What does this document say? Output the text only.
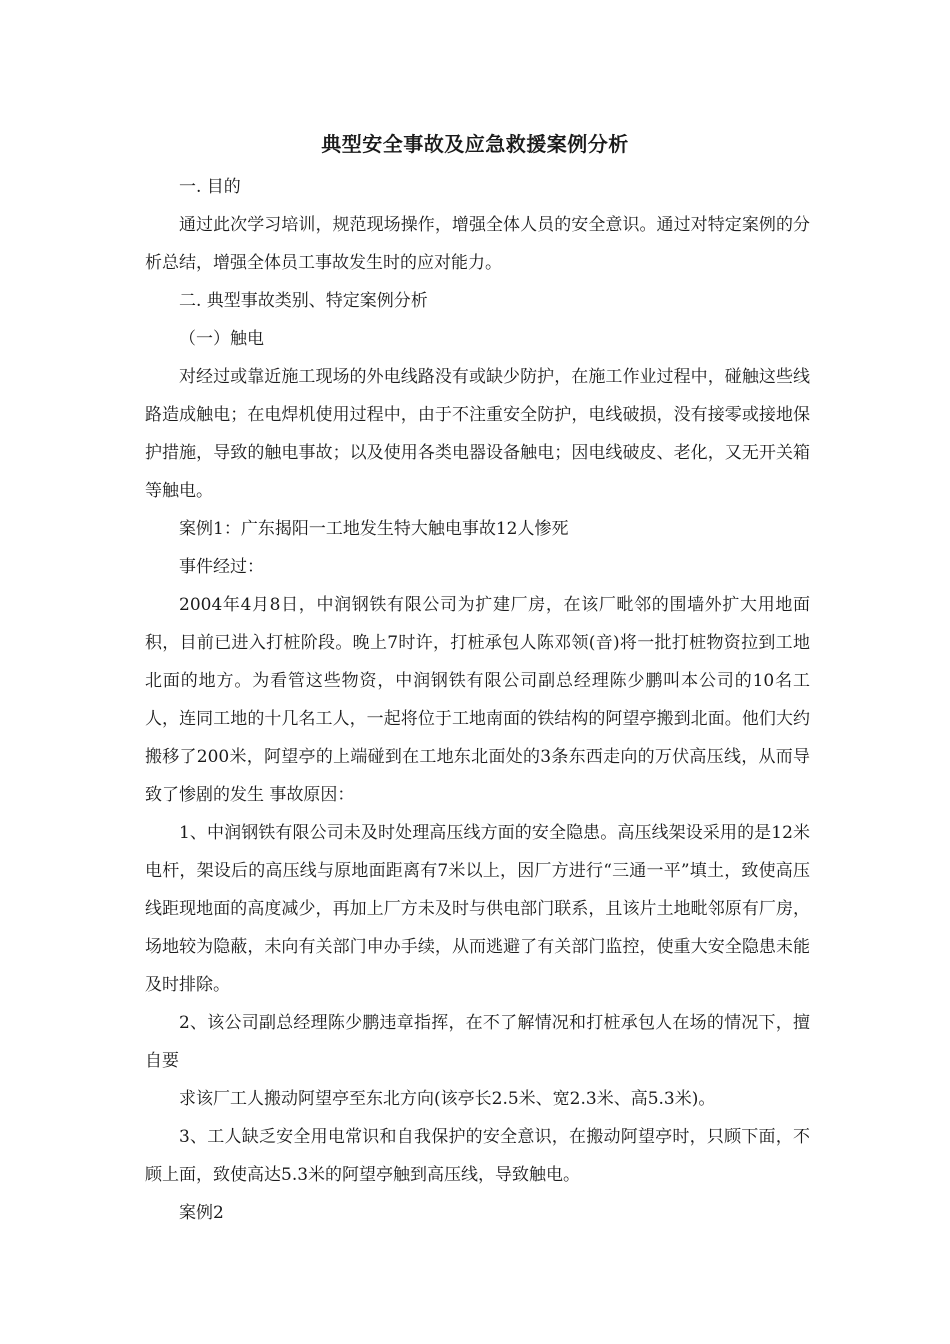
典型安全事故及应急救援案例分析

一. 目的

通过此次学习培训，规范现场操作，增强全体人员的安全意识。通过对特定案例的分析总结，增强全体员工事故发生时的应对能力。

二. 典型事故类别、特定案例分析

（一）触电

对经过或靠近施工现场的外电线路没有或缺少防护，在施工作业过程中，碰触这些线路造成触电；在电焊机使用过程中，由于不注重安全防护，电线破损，没有接零或接地保护措施，导致的触电事故；以及使用各类电器设备触电；因电线破皮、老化，又无开关箱等触电。

案例1：广东揭阳一工地发生特大触电事故12人惨死

事件经过：

2004年4月8日，中润钢铁有限公司为扩建厂房，在该厂毗邻的围墙外扩大用地面积，目前已进入打桩阶段。晚上7时许，打桩承包人陈邓领(音)将一批打桩物资拉到工地北面的地方。为看管这些物资，中润钢铁有限公司副总经理陈少鹏叫本公司的10名工人，连同工地的十几名工人，一起将位于工地南面的铁结构的阿望亭搬到北面。他们大约搬移了200米，阿望亭的上端碰到在工地东北面处的3条东西走向的万伏高压线，从而导致了惨剧的发生 事故原因：

1、中润钢铁有限公司未及时处理高压线方面的安全隐患。高压线架设采用的是12米电杆，架设后的高压线与原地面距离有7米以上，因厂方进行“三通一平”填土，致使高压线距现地面的高度减少，再加上厂方未及时与供电部门联系，且该片土地毗邻原有厂房，场地较为隐蔽，未向有关部门申办手续，从而逃避了有关部门监控，使重大安全隐患未能及时排除。

2、该公司副总经理陈少鹏违章指挥，在不了解情况和打桩承包人在场的情况下，擅自要

求该厂工人搬动阿望亭至东北方向(该亭长2.5米、宽2.3米、高5.3米)。

3、工人缺乏安全用电常识和自我保护的安全意识，在搬动阿望亭时，只顾下面，不顾上面，致使高达5.3米的阿望亭触到高压线，导致触电。

案例2
